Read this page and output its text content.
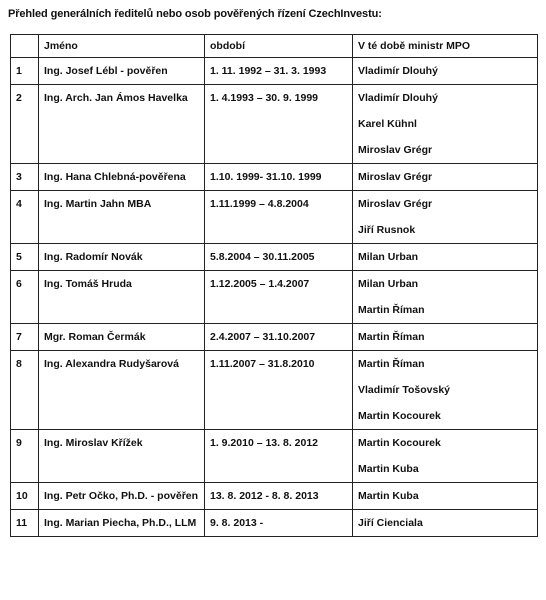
Přehled generálních ředitelů nebo osob pověřených řízení CzechInvestu:
	Jméno	období	V té době ministr MPO
1	Ing. Josef Lébl - pověřen	1. 11. 1992 – 31. 3. 1993	Vladimír Dlouhý

2	Ing. Arch. Jan Ámos Havelka	1. 4.1993 – 30. 9. 1999	Vladimír Dlouhý
Karel Kühnl
Miroslav Grégr

3	Ing. Hana Chlebná-pověřena	1.10. 1999- 31.10. 1999	Miroslav Grégr

4	Ing. Martin Jahn MBA	1.11.1999 – 4.8.2004	Miroslav Grégr
Jiří Rusnok

5	Ing. Radomír Novák	5.8.2004 – 30.11.2005	Milan Urban

6	Ing. Tomáš Hruda	1.12.2005 – 1.4.2007	Milan Urban
Martin Říman

7	Mgr. Roman Čermák	2.4.2007 – 31.10.2007	Martin Říman

8	Ing. Alexandra Rudyšarová	1.11.2007 – 31.8.2010	Martin Říman
Vladimír Tošovský
Martin Kocourek

9	Ing. Miroslav Křížek	1. 9.2010 – 13. 8. 2012	Martin Kocourek
Martin Kuba

10	Ing. Petr Očko, Ph.D. - pověřen	13. 8. 2012 - 8. 8. 2013	Martin Kuba

11	Ing. Marian Piecha, Ph.D., LLM	9. 8. 2013 -	Jiří Cienciala
